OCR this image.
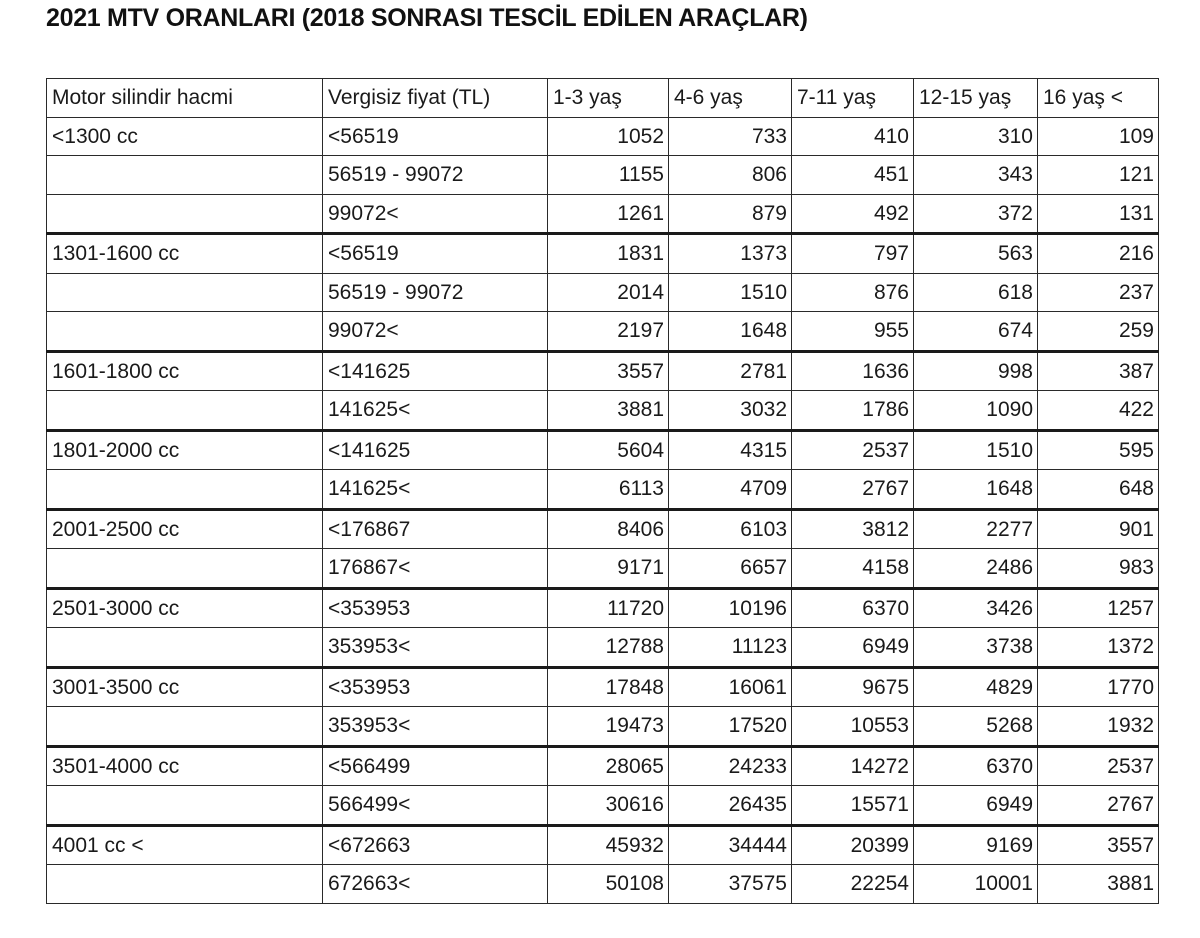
2021 MTV ORANLARI (2018 SONRASI TESCİL EDİLEN ARAÇLAR)
Motor silindir hacmi	Vergisiz fiyat (TL)	1-3 yaş	4-6 yaş	7-11 yaş	12-15 yaş	16 yaş <
<1300 cc	<56519	1052	733	410	310	109
	56519 - 99072	1155	806	451	343	121
	99072<	1261	879	492	372	131
1301-1600 cc	<56519	1831	1373	797	563	216
	56519 - 99072	2014	1510	876	618	237
	99072<	2197	1648	955	674	259
1601-1800 cc	<141625	3557	2781	1636	998	387
	141625<	3881	3032	1786	1090	422
1801-2000 cc	<141625	5604	4315	2537	1510	595
	141625<	6113	4709	2767	1648	648
2001-2500 cc	<176867	8406	6103	3812	2277	901
	176867<	9171	6657	4158	2486	983
2501-3000 cc	<353953	11720	10196	6370	3426	1257
	353953<	12788	11123	6949	3738	1372
3001-3500 cc	<353953	17848	16061	9675	4829	1770
	353953<	19473	17520	10553	5268	1932
3501-4000 cc	<566499	28065	24233	14272	6370	2537
	566499<	30616	26435	15571	6949	2767
4001 cc <	<672663	45932	34444	20399	9169	3557
	672663<	50108	37575	22254	10001	3881
